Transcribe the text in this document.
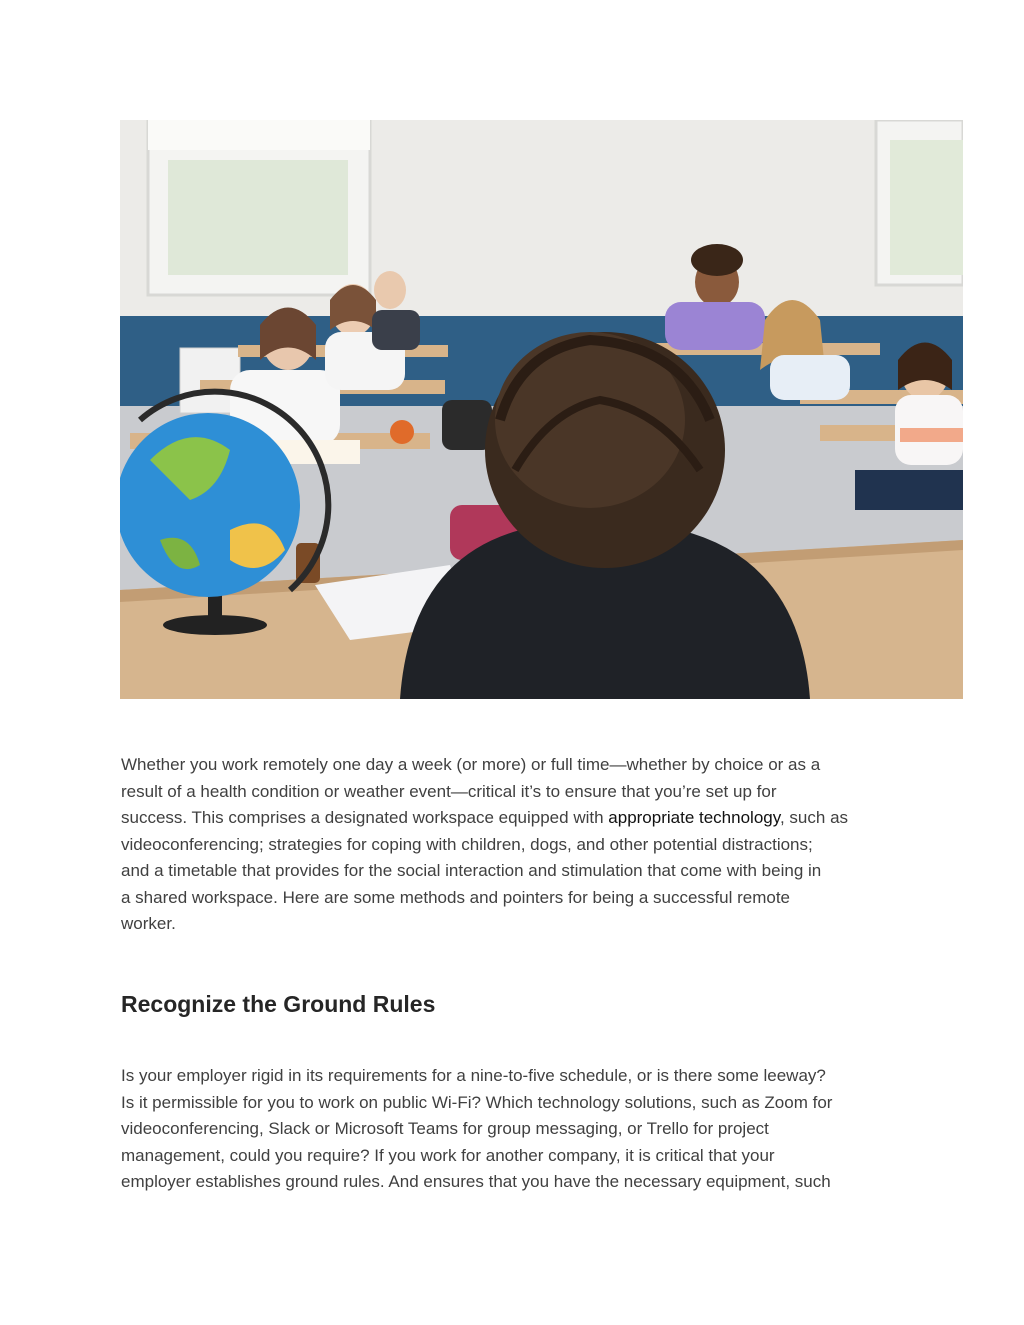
Whether you work remotely one day a week (or more) or full time—whether by choice or as a
result of a health condition or weather event—critical it’s to ensure that you’re set up for
success. This comprises a designated workspace equipped with appropriate technology, such as
videoconferencing; strategies for coping with children, dogs, and other potential distractions;
and a timetable that provides for the social interaction and stimulation that come with being in
a shared workspace. Here are some methods and pointers for being a successful remote
worker.

Recognize the Ground Rules

Is your employer rigid in its requirements for a nine-to-five schedule, or is there some leeway?
Is it permissible for you to work on public Wi-Fi? Which technology solutions, such as Zoom for
videoconferencing, Slack or Microsoft Teams for group messaging, or Trello for project
management, could you require? If you work for another company, it is critical that your
employer establishes ground rules. And ensures that you have the necessary equipment, such
